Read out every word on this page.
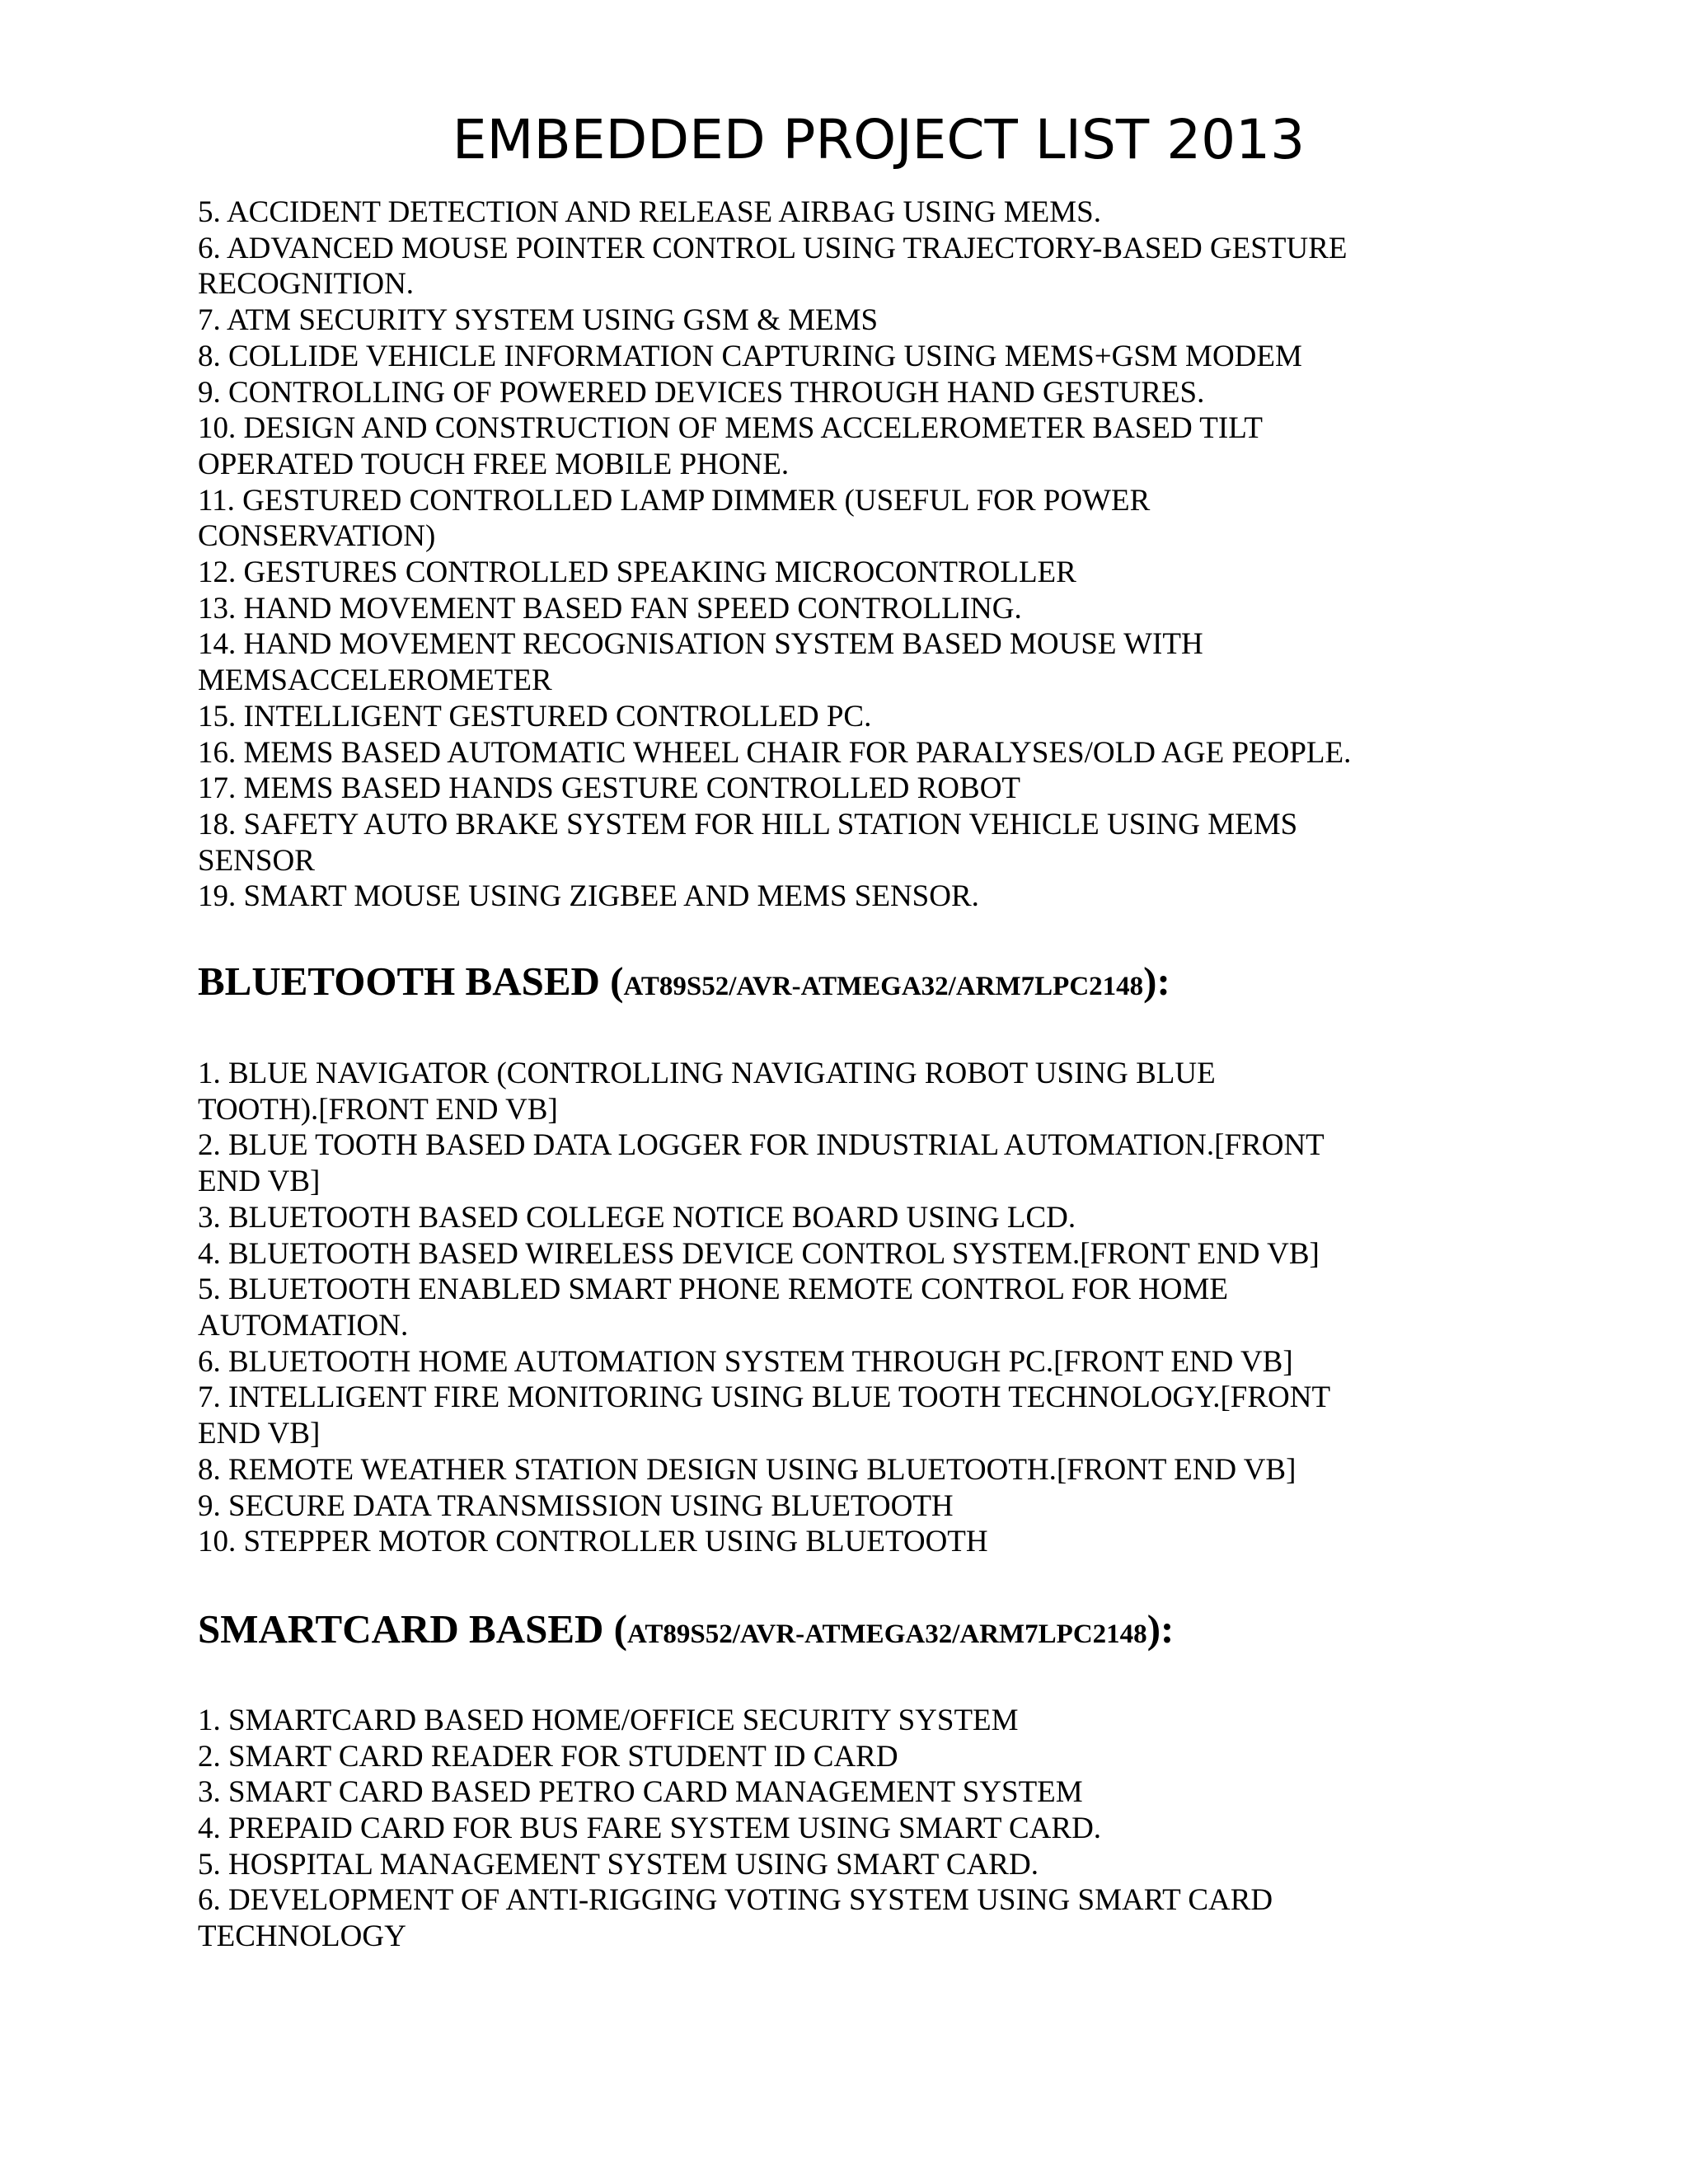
EMBEDDED PROJECT LIST 2013

5. ACCIDENT DETECTION AND RELEASE AIRBAG USING MEMS.

6. ADVANCED MOUSE POINTER CONTROL USING TRAJECTORY-BASED GESTURE
RECOGNITION.

7. ATM SECURITY SYSTEM USING GSM & MEMS

8. COLLIDE VEHICLE INFORMATION CAPTURING USING MEMS+GSM MODEM

9. CONTROLLING OF POWERED DEVICES THROUGH HAND GESTURES.

10. DESIGN AND CONSTRUCTION OF MEMS ACCELEROMETER BASED TILT
OPERATED TOUCH FREE MOBILE PHONE.

11. GESTURED CONTROLLED LAMP DIMMER (USEFUL FOR POWER
CONSERVATION)

12. GESTURES CONTROLLED SPEAKING MICROCONTROLLER

13. HAND MOVEMENT BASED FAN SPEED CONTROLLING.

14. HAND MOVEMENT RECOGNISATION SYSTEM BASED MOUSE WITH
MEMSACCELEROMETER

15. INTELLIGENT GESTURED CONTROLLED PC.

16. MEMS BASED AUTOMATIC WHEEL CHAIR FOR PARALYSES/OLD AGE PEOPLE.

17. MEMS BASED HANDS GESTURE CONTROLLED ROBOT

18. SAFETY AUTO BRAKE SYSTEM FOR HILL STATION VEHICLE USING MEMS
SENSOR

19. SMART MOUSE USING ZIGBEE AND MEMS SENSOR.

BLUETOOTH BASED (AT89S52/AVR-ATMEGA32/ARM7LPC2148):

1. BLUE NAVIGATOR (CONTROLLING NAVIGATING ROBOT USING BLUE
TOOTH).[FRONT END VB]

2. BLUE TOOTH BASED DATA LOGGER FOR INDUSTRIAL AUTOMATION.[FRONT
END VB]

3. BLUETOOTH BASED COLLEGE NOTICE BOARD USING LCD.

4. BLUETOOTH BASED WIRELESS DEVICE CONTROL SYSTEM.[FRONT END VB]

5. BLUETOOTH ENABLED SMART PHONE REMOTE CONTROL FOR HOME
AUTOMATION.

6. BLUETOOTH HOME AUTOMATION SYSTEM THROUGH PC.[FRONT END VB]

7. INTELLIGENT FIRE MONITORING USING BLUE TOOTH TECHNOLOGY.[FRONT
END VB]

8. REMOTE WEATHER STATION DESIGN USING BLUETOOTH.[FRONT END VB]

9. SECURE DATA TRANSMISSION USING BLUETOOTH

10. STEPPER MOTOR CONTROLLER USING BLUETOOTH

SMARTCARD BASED (AT89S52/AVR-ATMEGA32/ARM7LPC2148):

1. SMARTCARD BASED HOME/OFFICE SECURITY SYSTEM

2. SMART CARD READER FOR STUDENT ID CARD

3. SMART CARD BASED PETRO CARD MANAGEMENT SYSTEM

4. PREPAID CARD FOR BUS FARE SYSTEM USING SMART CARD.

5. HOSPITAL MANAGEMENT SYSTEM USING SMART CARD.

6. DEVELOPMENT OF ANTI-RIGGING VOTING SYSTEM USING SMART CARD
TECHNOLOGY
